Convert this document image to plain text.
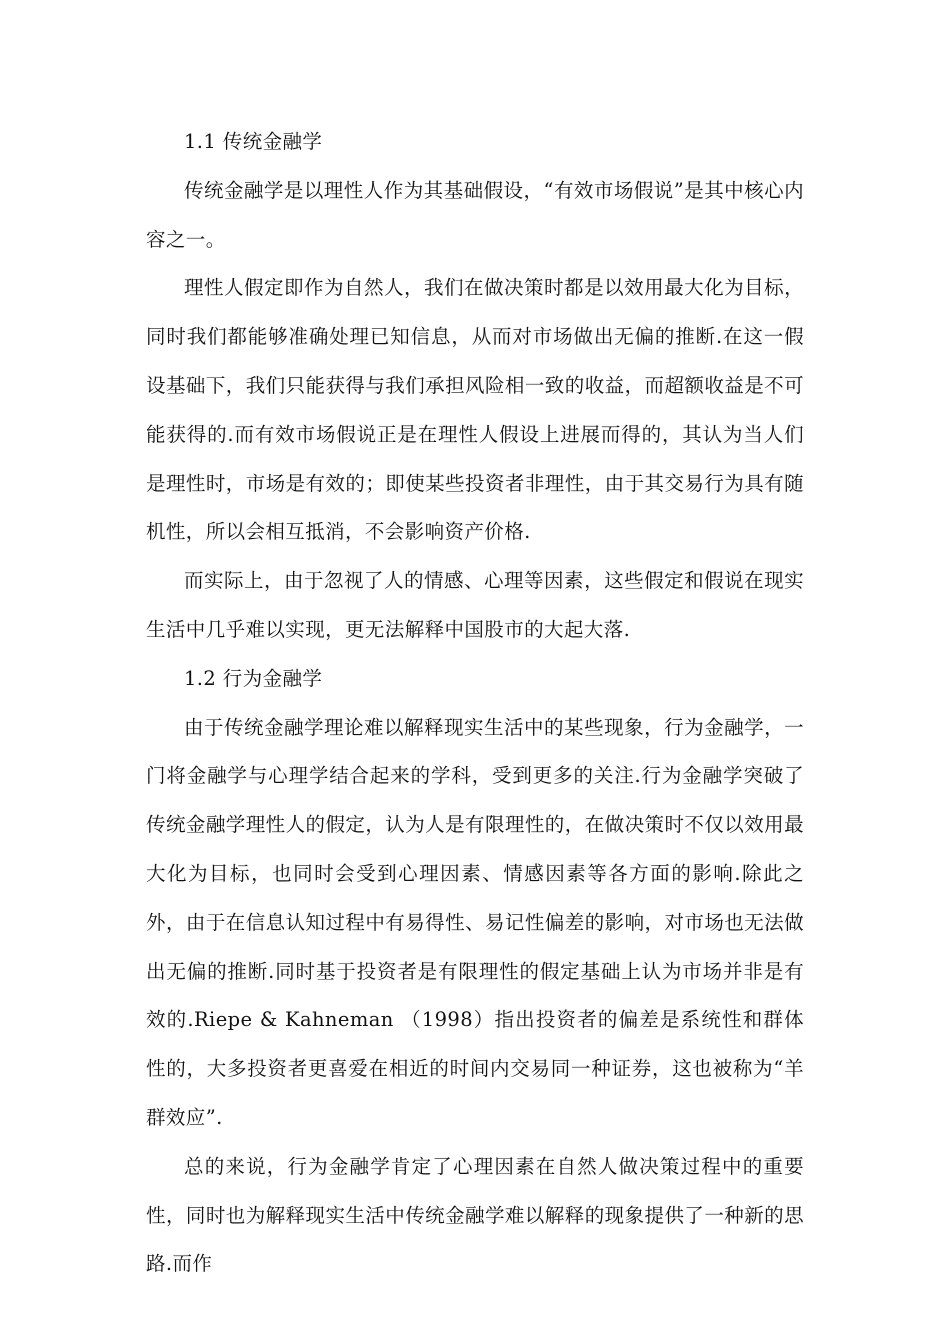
1.1 传统金融学

传统金融学是以理性人作为其基础假设，“有效市场假说”是其中核心内容之一。

理性人假定即作为自然人，我们在做决策时都是以效用最大化为目标，同时我们都能够准确处理已知信息，从而对市场做出无偏的推断.在这一假设基础下，我们只能获得与我们承担风险相一致的收益，而超额收益是不可能获得的.而有效市场假说正是在理性人假设上进展而得的，其认为当人们是理性时，市场是有效的；即使某些投资者非理性，由于其交易行为具有随机性，所以会相互抵消，不会影响资产价格.

而实际上，由于忽视了人的情感、心理等因素，这些假定和假说在现实生活中几乎难以实现，更无法解释中国股市的大起大落.

1.2 行为金融学

由于传统金融学理论难以解释现实生活中的某些现象，行为金融学，一门将金融学与心理学结合起来的学科，受到更多的关注.行为金融学突破了传统金融学理性人的假定，认为人是有限理性的，在做决策时不仅以效用最大化为目标，也同时会受到心理因素、情感因素等各方面的影响.除此之外，由于在信息认知过程中有易得性、易记性偏差的影响，对市场也无法做出无偏的推断.同时基于投资者是有限理性的假定基础上认为市场并非是有效的.Riepe & Kahneman （1998）指出投资者的偏差是系统性和群体性的，大多投资者更喜爱在相近的时间内交易同一种证券，这也被称为“羊群效应”.

总的来说，行为金融学肯定了心理因素在自然人做决策过程中的重要性，同时也为解释现实生活中传统金融学难以解释的现象提供了一种新的思路.而作
